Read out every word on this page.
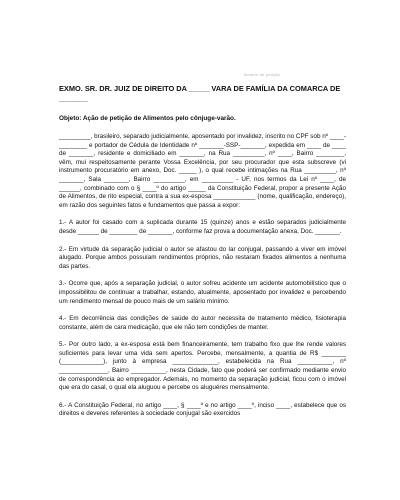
Modelo de petição
EXMO. SR. DR. JUIZ DE DIREITO DA _____ VARA DE FAMÍLIA DA COMARCA DE _______
Objeto: Ação de petição de Alimentos pelo cônjuge-varão.

_________, brasileiro, separado judicialmente, aposentado por invalidez, inscrito no CPF sob nº ____-________ e portador de Cédula de Identidade nº _______-SSP-_______, expedida em ____ de ____ de _______, residente e domiciliado em _______, na Rua _________, nº ____, Bairro ________, vêm, mui respeitosamente perante Vossa Excelência, por seu procurador que esta subscreve (vi instrumento procuratório em anexo, Doc. _____ ), o qual recebe intimações na Rua _________, nº _______, Sala _______, Bairro _________, em _________ - UF, nos termos da Lei nº ____, de ______, combinado com o § ____º do artigo _____ da Constituição Federal, propor a presente Ação de Alimentos, de rito especial, contra a sua ex-esposa ____________ (nome, qualificação, endereço), em razão dos seguintes fatos e fundamentos que passa a expor:

1.- A autor foi casado com a suplicada durante 15 (quinze) anos e estão separados judicialmente desde ______ de ________ de _______, conforme faz prova a documentação anexa, Doc. _______.

2.- Em virtude da separação judicial o autor se afastou do lar conjugal, passando a viver em imóvel alugado. Porque ambos possuíam rendimentos próprios, não restaram fixados alimentos a nenhuma das partes.

3.- Ocorre que, após a separação judicial, o autor sofreu acidente um acidente automobilístico que o impossibilitou de continuar a trabalhar, estando, atualmente, aposentado por invalidez e percebendo um rendimento mensal de pouco mais de um salário mínimo.

4.- Em decorrência das condições de saúde do autor necessita de tratamento médico, fisioterapia constante, além de cara medicação, que ele não tem condições de manter.

5.- Por outro lado, a ex-esposa está bem financeiramente, tem trabalho fixo que lhe rende valores suficientes para levar uma vida sem apertos. Percebe, mensalmente, a quantia de R$ _______ (____________), junto à empresa _____________, estabelecida na Rua __________, nº ______________, Bairro __________, nesta Cidade, fato que poderá ser confirmado mediante envio de correspondência ao empregador. Ademais, no momento da separação judicial, ficou com o imóvel que era do casal, o qual ela aluguou e percebe os aluguéres mensalmente.

6.- A Constituição Federal, no artigo ____, § ____º e no artigo ____º, inciso ____, estabelece que os direitos e deveres referentes à sociedade conjugal são exercidos
